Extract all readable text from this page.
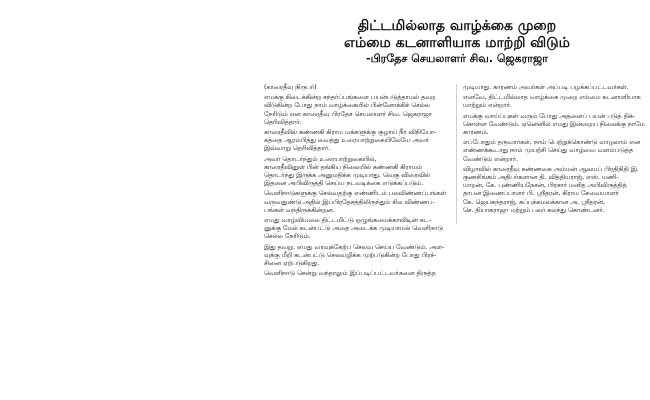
திட்டமில்லாத வாழ்க்கை முறை
எம்மை கடனாளியாக மாற்றி விடும்
-பிரதேச செயலாளர் சிவ. ஜெகராஜா

(காரைதீவு நிருபர்)

எமக்கு கிடைக்கின்ற சந்தர்ப்பங்களை பயன்படுத்தாமல் தவற
விடுகின்ற போது நாம் வாழ்க்கையில் பின்னோக்கிச் செல்ல
நேரிடும் என காரைதீவு பிரதேச செயலாளர் சிவ. ஜெகராஜா
தெரிவித்தார்.

காரைதீவில் கண்ணகி கிராம மக்களுக்கு குழாய் நீர் விநியோ-
கத்தை ஆரம்பித்து வைத்து உரையாற்றுகையிலேயே அவர்
இவ்வாறு தெரிவித்தார்.

அவர் தொடர்ந்தும் உரையாற்றுகையில்,
காரைதீவினுள் பின் தங்கிய நிலையில் கண்ணகி கிராமம்
தொடர்ந்து இருக்க அனுமதிக்க முடியாது. வெகு விரைவில்
இதனை அபிவிருத்தி செய்ய நடவடிக்கை எடுக்கப்படும்.

வெளிநாடுகளுக்கு செல்வதற்கு எண்ணிடம் பலவிண்ணப்பங்கள்
வருவதுண்டு அதில் இப்பிரதேசத்திலிருந்தும் சில விண்ணப்-
பங்கள் வந்திருக்கின்றன.

எமது வாழ்வியலை திட்டமிட்டு ஒழுங்கமைக்காவிடின் கட-
னுக்கு மேல் கடன்பட்டு அதை அடைக்க முடியாமல் வெளிநாடு
செல்ல நேரிடும்.

இது தவறு. எமது வரவுக்கேற்ப செலவு செய்ய வேண்டும். அள-
வுக்கு மீறி கடன்பட்டு செலவழிக்க முற்படுகின்ற போது பிரச்-
சினை ஏற்படுகிறது.

வெளிநாடு சென்று வந்தாலும் இப்படிப்பட்டவர்களை திருத்த

முடியாது. காரணம் அவர்கள் அப்படி பழக்கப்பட்டவர்கள்.

எனவே, திட்டமில்லாத வாழ்க்கை முறை எம்மை கடனாளியாக
மாற்றும் என்றார்.

எமக்கு வாய்ப்புகள் வரும் போது அதனைப் பயன் படுத் திக்-
கொள்ள வேண்டும். ஏனெனில் எமது இன்றைய நிலைக்கு நாமே
காரணம்.

எப்போதும் தருவார்கள், நாம் பெற்றுக்கொண்டு வாழலாம் என
எண்ணக்கூடாது நாம் முயற்சி செய்து வாழ்வை வளம்படுத்த
வேண்டும் என்றார்.

விழாவில் காரைதீவு கண்ணகை அம்மன் ஆலயப் பிரதிநிதி இ.
குணசிங்கம் அதிபர்களான தி. வித்தியராஜ், எஸ். மணி-
மாறன், கே. புண்ணியநேசன், பிரசார் மனித அபிவிருத்தித்
தாபன இணைப்பாளர் பி. ஸ்ரீதரன், கிராம சேவையாளர்
கே. ஜெயகந்தராஜ், சுப்புக்கமலக்கான அ. ஸ்ரீதரன்,
செ. தியாகராஜா மற்றும் பலர் கலந்து கொண்டனர்.
